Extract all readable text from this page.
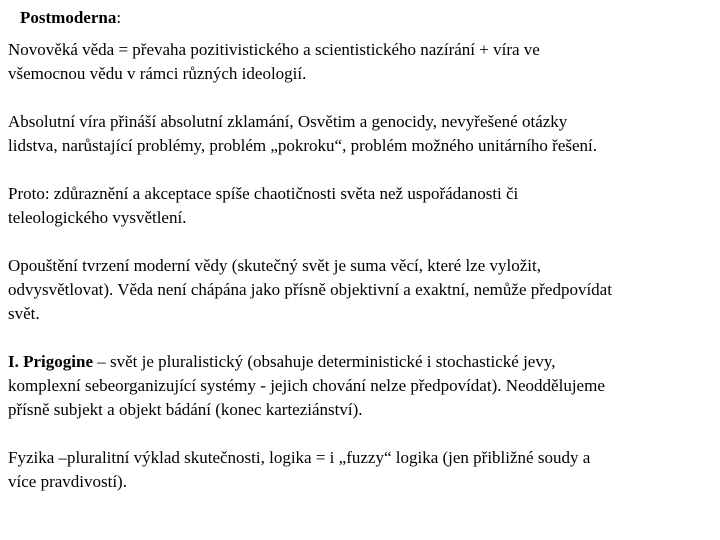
Postmoderna:

Novověká věda = převaha pozitivistického a scientistického nazírání + víra ve
všemocnou vědu v rámci různých ideologií.

Absolutní víra přináší absolutní zklamání, Osvětim a genocidy, nevyřešené otázky
lidstva, narůstající problémy, problém „pokroku“, problém možného unitárního řešení.

Proto: zdůraznění a akceptace spíše chaotičnosti světa než uspořádanosti či
teleologického vysvětlení.

Opouštění tvrzení moderní vědy (skutečný svět je suma věcí, které lze vyložit,
odvysvětlovat). Věda není chápána jako přísně objektivní a exaktní, nemůže předpovídat
svět.

I. Prigogine – svět je pluralistický (obsahuje deterministické i stochastické jevy,
komplexní sebeorganizující systémy - jejich chování nelze předpovídat). Neoddělujeme
přísně subjekt a objekt bádání (konec karteziánství).

Fyzika –pluralitní výklad skutečnosti, logika = i „fuzzy“ logika (jen přibližné soudy a
více pravdivostí).
